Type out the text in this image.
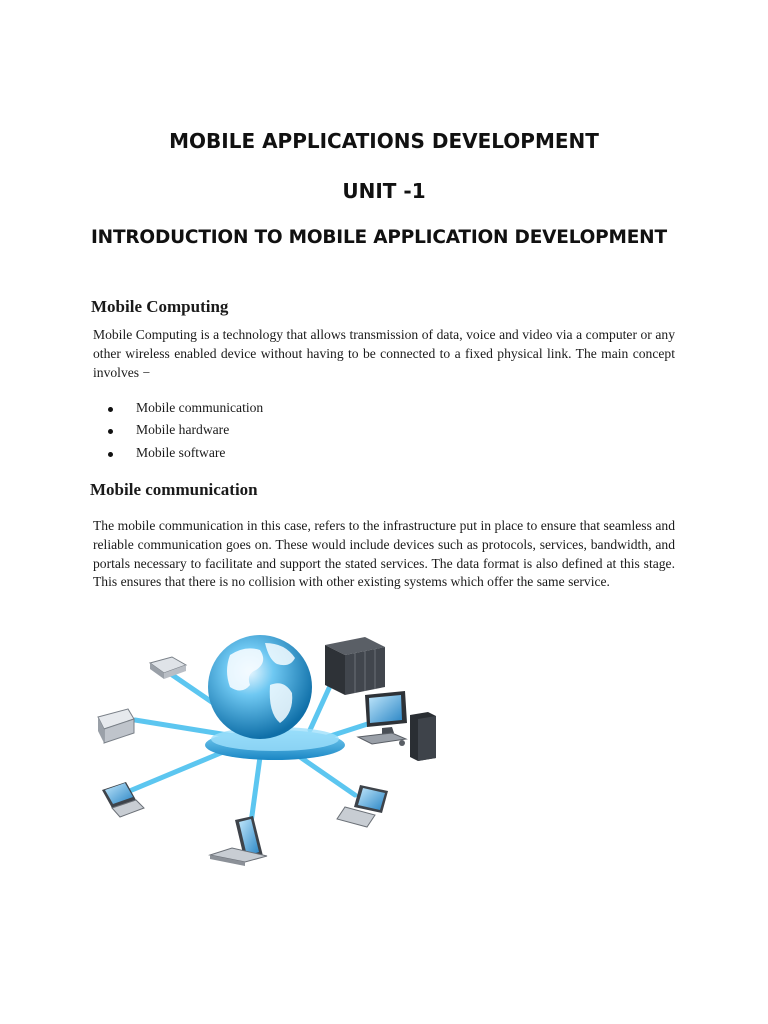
MOBILE APPLICATIONS DEVELOPMENT
UNIT -1
INTRODUCTION TO MOBILE APPLICATION DEVELOPMENT
Mobile Computing

Mobile Computing is a technology that allows transmission of data, voice and video via a computer or any other wireless enabled device without having to be connected to a fixed physical link. The main concept involves −

Mobile communication
Mobile hardware
Mobile software
Mobile communication

The mobile communication in this case, refers to the infrastructure put in place to ensure that seamless and reliable communication goes on. These would include devices such as protocols, services, bandwidth, and portals necessary to facilitate and support the stated services. The data format is also defined at this stage. This ensures that there is no collision with other existing systems which offer the same service.
